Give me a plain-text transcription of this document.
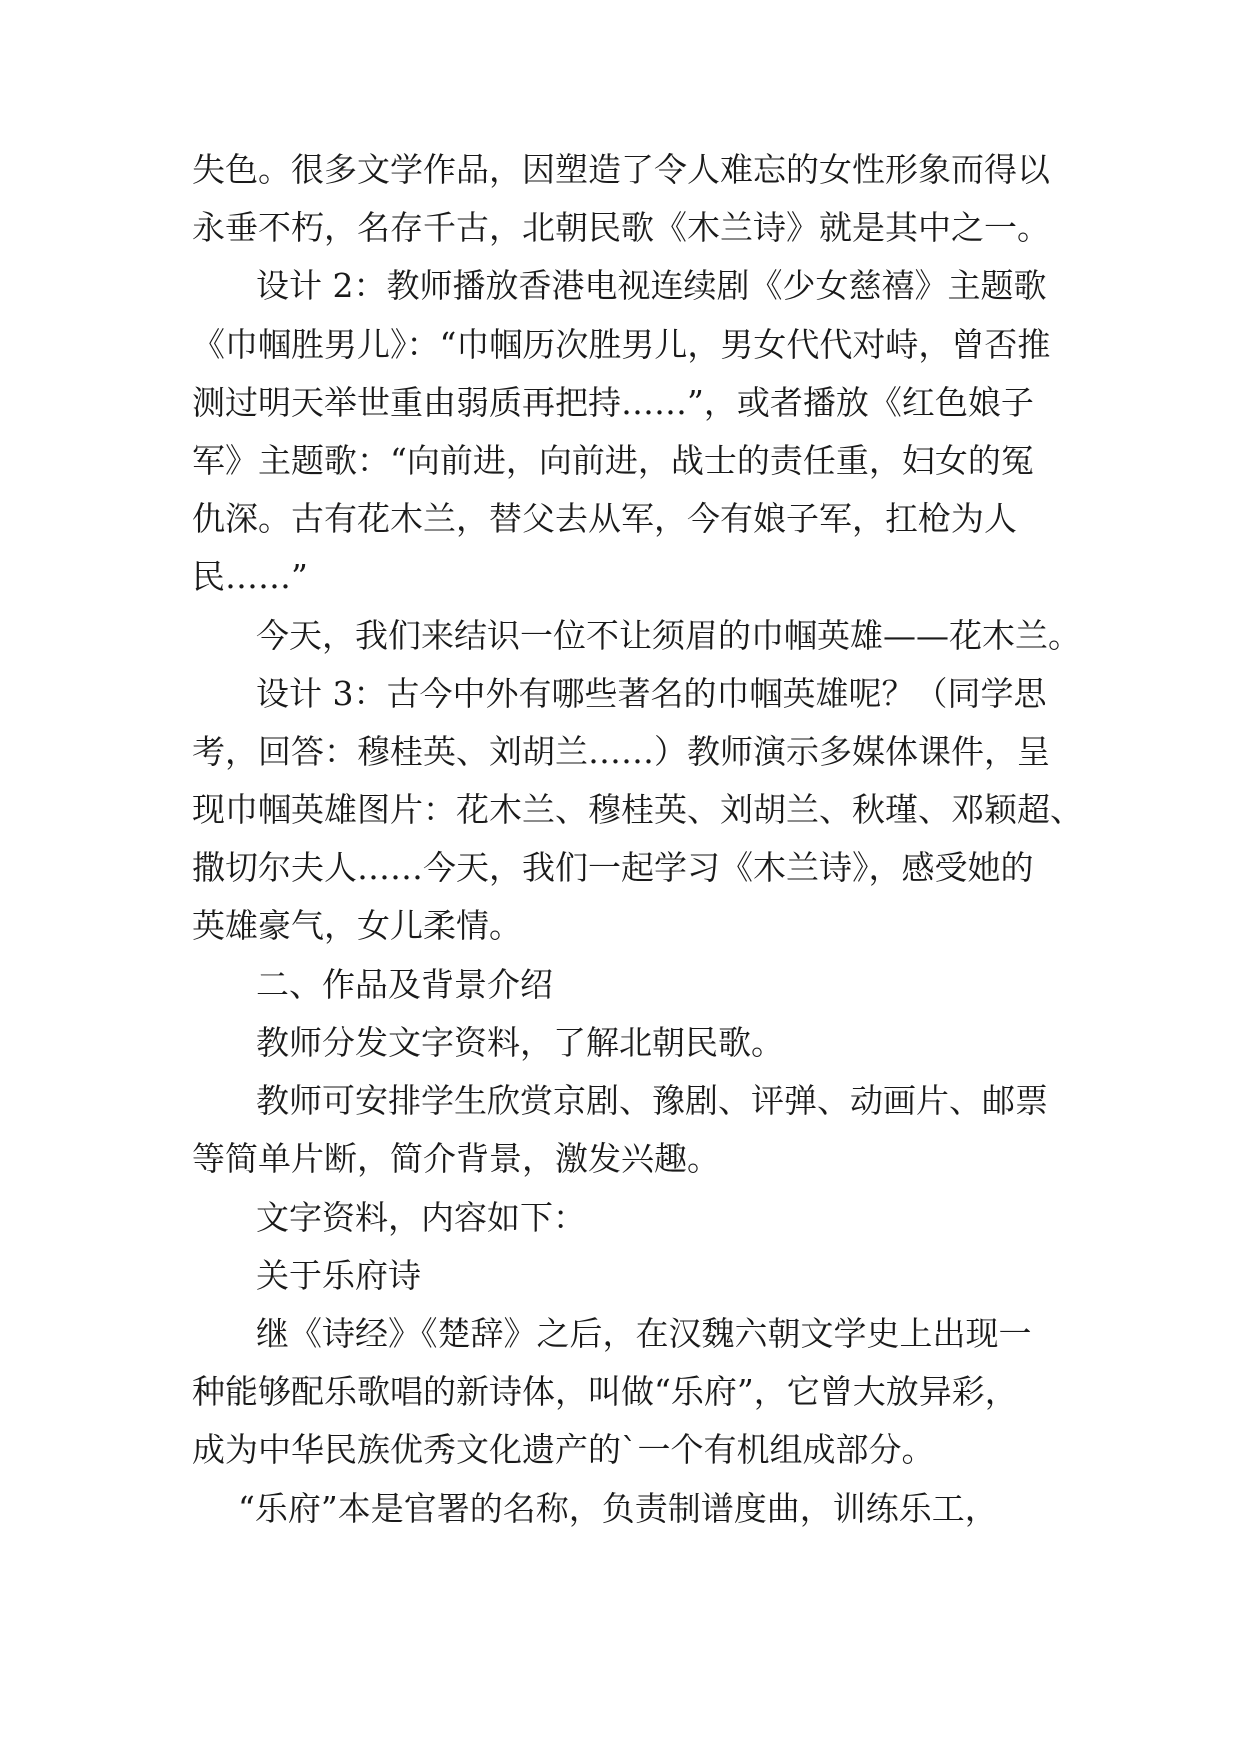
失色。很多文学作品，因塑造了令人难忘的女性形象而得以
永垂不朽，名存千古，北朝民歌《木兰诗》就是其中之一。
设计 2：教师播放香港电视连续剧《少女慈禧》主题歌
《巾帼胜男儿》：“巾帼历次胜男儿，男女代代对峙，曾否推
测过明天举世重由弱质再把持……”，或者播放《红色娘子
军》主题歌：“向前进，向前进，战士的责任重，妇女的冤
仇深。古有花木兰，替父去从军，今有娘子军，扛枪为人
民……”
今天，我们来结识一位不让须眉的巾帼英雄——花木兰。
设计 3：古今中外有哪些著名的巾帼英雄呢？（同学思
考，回答：穆桂英、刘胡兰……）教师演示多媒体课件，呈
现巾帼英雄图片：花木兰、穆桂英、刘胡兰、秋瑾、邓颖超、
撒切尔夫人……今天，我们一起学习《木兰诗》，感受她的
英雄豪气，女儿柔情。
二、作品及背景介绍
教师分发文字资料，了解北朝民歌。
教师可安排学生欣赏京剧、豫剧、评弹、动画片、邮票
等简单片断，简介背景，激发兴趣。
文字资料，内容如下：
关于乐府诗
继《诗经》《楚辞》之后，在汉魏六朝文学史上出现一
种能够配乐歌唱的新诗体，叫做“乐府”，它曾大放异彩，
成为中华民族优秀文化遗产的`一个有机组成部分。
“乐府”本是官署的名称，负责制谱度曲，训练乐工，
